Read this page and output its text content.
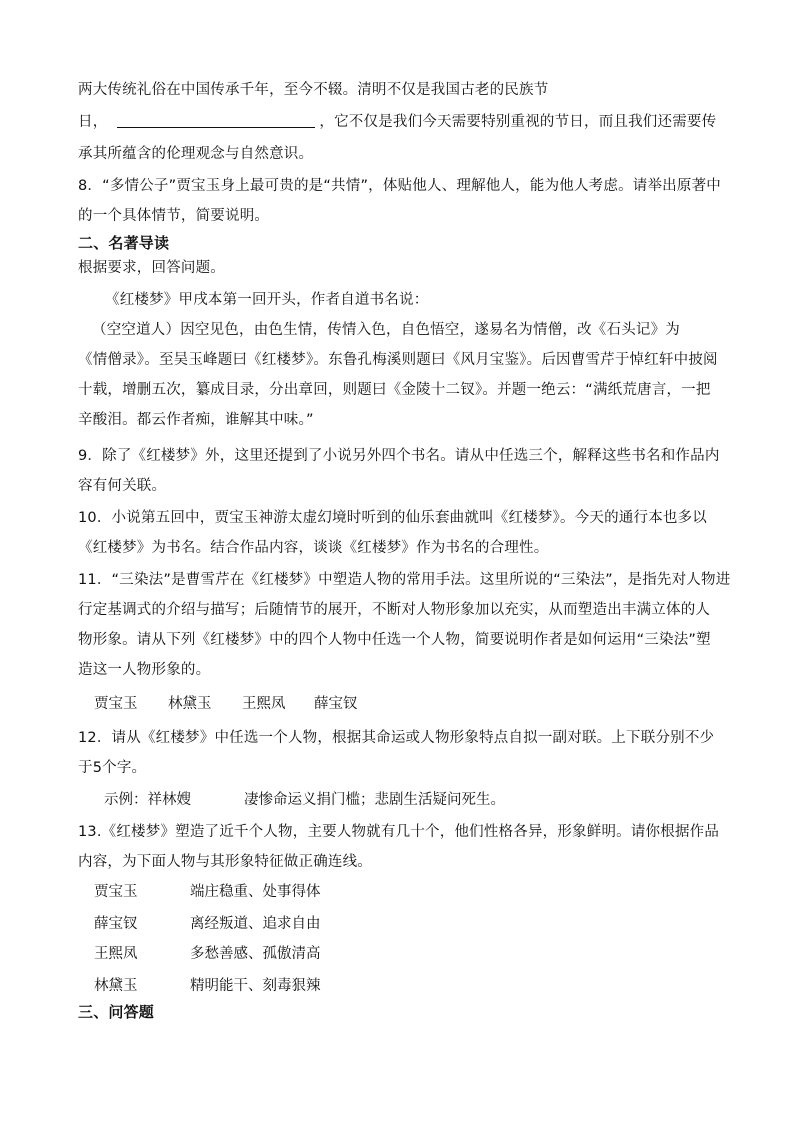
两大传统礼俗在中国传承千年，至今不辍。清明不仅是我国古老的民族节
日，	，它不仅是我们今天需要特别重视的节日，而且我们还需要传
承其所蕴含的伦理观念与自然意识。
8．“多情公子”贾宝玉身上最可贵的是“共情”，体贴他人、理解他人，能为他人考虑。请举出原著中
的一个具体情节，简要说明。
二、名著导读
根据要求，回答问题。
《红楼梦》甲戌本第一回开头，作者自道书名说：
（空空道人）因空见色，由色生情，传情入色，自色悟空，遂易名为情僧，改《石头记》为
《情僧录》。至吴玉峰题曰《红楼梦》。东鲁孔梅溪则题曰《风月宝鉴》。后因曹雪芹于悼红轩中披阅
十载，增删五次，纂成目录，分出章回，则题曰《金陵十二钗》。并题一绝云：“满纸荒唐言，一把
辛酸泪。都云作者痴，谁解其中味。”
9．除了《红楼梦》外，这里还提到了小说另外四个书名。请从中任选三个，解释这些书名和作品内
容有何关联。
10．小说第五回中，贾宝玉神游太虚幻境时听到的仙乐套曲就叫《红楼梦》。今天的通行本也多以
《红楼梦》为书名。结合作品内容，谈谈《红楼梦》作为书名的合理性。
11．“三染法”是曹雪芹在《红楼梦》中塑造人物的常用手法。这里所说的“三染法”，是指先对人物进
行定基调式的介绍与描写；后随情节的展开，不断对人物形象加以充实，从而塑造出丰满立体的人
物形象。请从下列《红楼梦》中的四个人物中任选一个人物，简要说明作者是如何运用“三染法”塑
造这一人物形象的。
贾宝玉 林黛玉 王熙凤 薛宝钗
12．请从《红楼梦》中任选一个人物，根据其命运或人物形象特点自拟一副对联。上下联分别不少
于5个字。
示例：祥林嫂	凄惨命运义捐门槛；悲剧生活疑问死生。
13.《红楼梦》塑造了近千个人物，主要人物就有几十个，他们性格各异，形象鲜明。请你根据作品
内容，为下面人物与其形象特征做正确连线。
贾宝玉	端庄稳重、处事得体
薛宝钗	离经叛道、追求自由
王熙凤	多愁善感、孤傲清高
林黛玉	精明能干、刻毒狠辣
三、问答题
